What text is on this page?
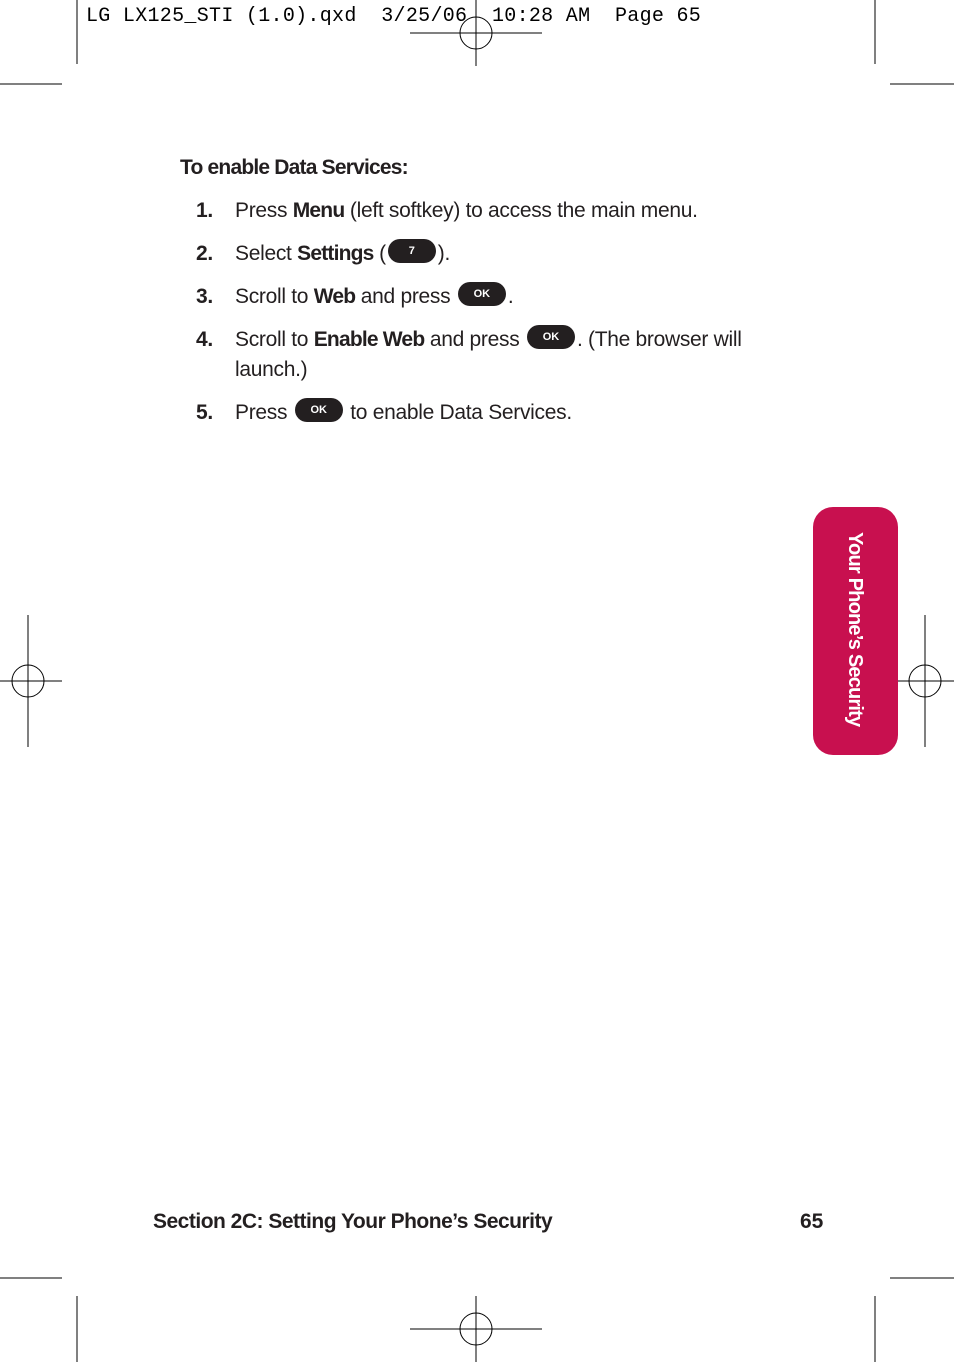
LG LX125_STI (1.0).qxd  3/25/06  10:28 AM  Page 65
To enable Data Services:
1. Press Menu (left softkey) to access the main menu.
2. Select Settings ( 7 ).
3. Scroll to Web and press OK .
4. Scroll to Enable Web and press OK . (The browser will launch.)
5. Press OK to enable Data Services.
Your Phone’s Security
Section 2C: Setting Your Phone’s Security	65
